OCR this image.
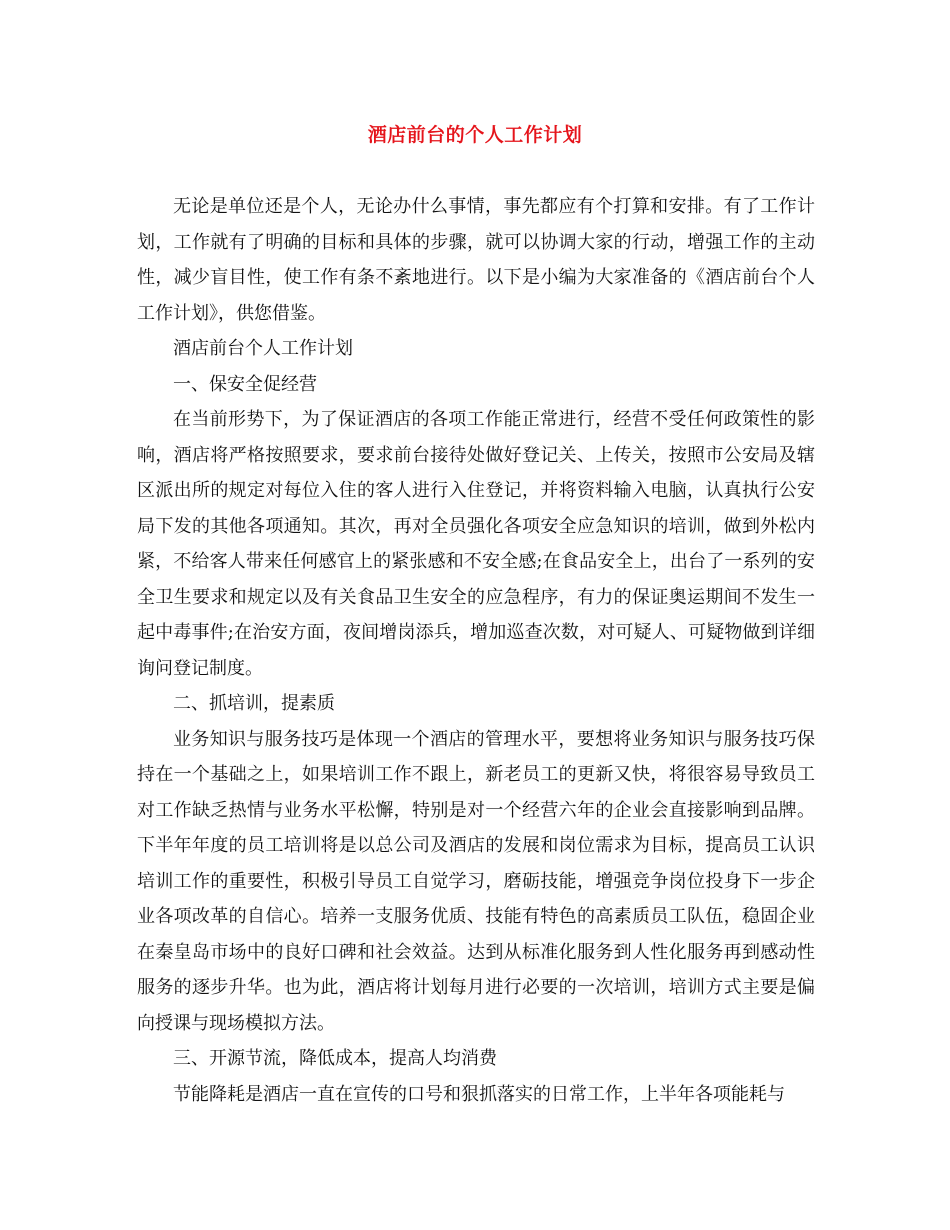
酒店前台的个人工作计划

无论是单位还是个人，无论办什么事情，事先都应有个打算和安排。有了工作计划，工作就有了明确的目标和具体的步骤，就可以协调大家的行动，增强工作的主动性，减少盲目性，使工作有条不紊地进行。以下是小编为大家准备的《酒店前台个人工作计划》，供您借鉴。

酒店前台个人工作计划

一、保安全促经营

在当前形势下，为了保证酒店的各项工作能正常进行，经营不受任何政策性的影响，酒店将严格按照要求，要求前台接待处做好登记关、上传关，按照市公安局及辖区派出所的规定对每位入住的客人进行入住登记，并将资料输入电脑，认真执行公安局下发的其他各项通知。其次，再对全员强化各项安全应急知识的培训，做到外松内紧，不给客人带来任何感官上的紧张感和不安全感;在食品安全上，出台了一系列的安全卫生要求和规定以及有关食品卫生安全的应急程序，有力的保证奥运期间不发生一起中毒事件;在治安方面，夜间增岗添兵，增加巡查次数，对可疑人、可疑物做到详细询问登记制度。

二、抓培训，提素质

业务知识与服务技巧是体现一个酒店的管理水平，要想将业务知识与服务技巧保持在一个基础之上，如果培训工作不跟上，新老员工的更新又快，将很容易导致员工对工作缺乏热情与业务水平松懈，特别是对一个经营六年的企业会直接影响到品牌。下半年年度的员工培训将是以总公司及酒店的发展和岗位需求为目标，提高员工认识培训工作的重要性，积极引导员工自觉学习，磨砺技能，增强竞争岗位投身下一步企业各项改革的自信心。培养一支服务优质、技能有特色的高素质员工队伍，稳固企业在秦皇岛市场中的良好口碑和社会效益。达到从标准化服务到人性化服务再到感动性服务的逐步升华。也为此，酒店将计划每月进行必要的一次培训，培训方式主要是偏向授课与现场模拟方法。

三、开源节流，降低成本，提高人均消费

节能降耗是酒店一直在宣传的口号和狠抓落实的日常工作，上半年各项能耗与
